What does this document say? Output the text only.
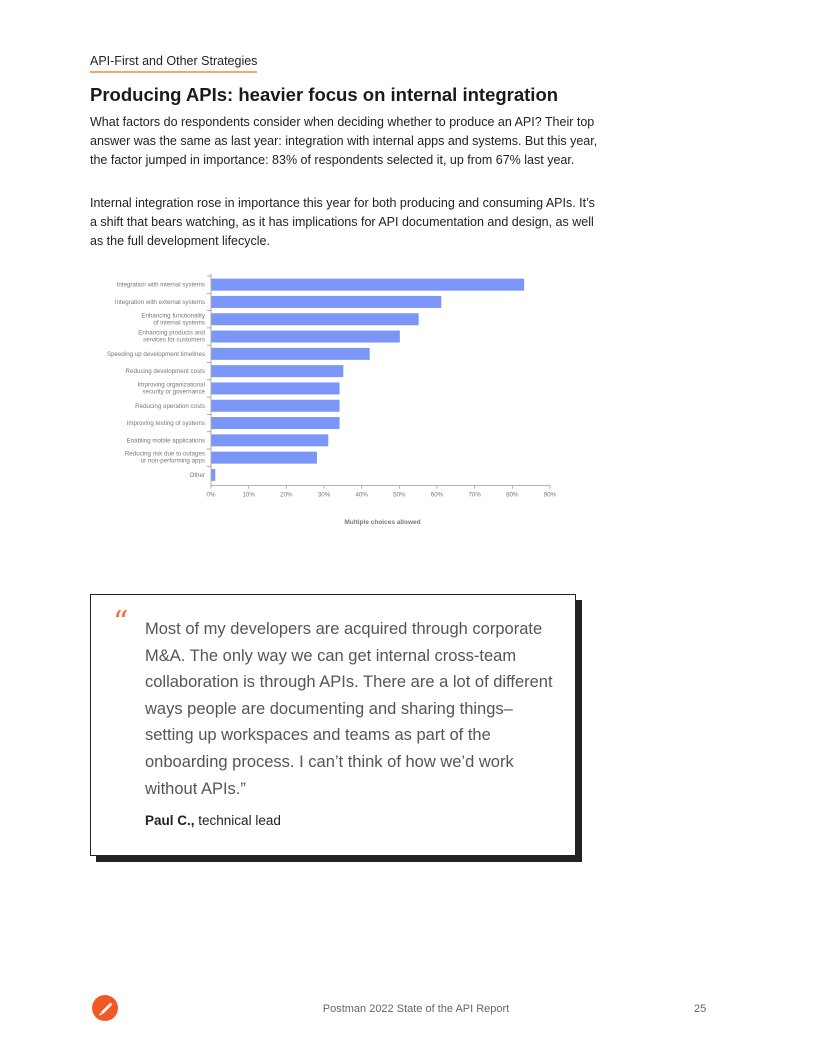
API-First and Other Strategies
Producing APIs: heavier focus on internal integration

What factors do respondents consider when deciding whether to produce an API? Their top answer was the same as last year: integration with internal apps and systems. But this year, the factor jumped in importance: 83% of respondents selected it, up from 67% last year.

Internal integration rose in importance this year for both producing and consuming APIs. It’s a shift that bears watching, as it has implications for API documentation and design, as well as the full development lifecycle.

Integration with internal systems
Integration with external systems
Enhancing functionality of internal systems
Enhancing products and services for customers
Speeding up development timelines
Reducing development costs
Improving organizational security or governance
Reducing operation costs
Improving testing of systems
Enabling mobile applications
Reducing risk due to outages or non-performing apps
Other
0%	10%	20%	30%	40%	50%	60%	70%	80%	90%
Multiple choices allowed
“ Most of my developers are acquired through corporate M&A. The only way we can get internal cross-team collaboration is through APIs. There are a lot of different ways people are documenting and sharing things–setting up workspaces and teams as part of the onboarding process. I can’t think of how we’d work without APIs.”

Paul C., technical lead
Postman 2022 State of the API Report	25
